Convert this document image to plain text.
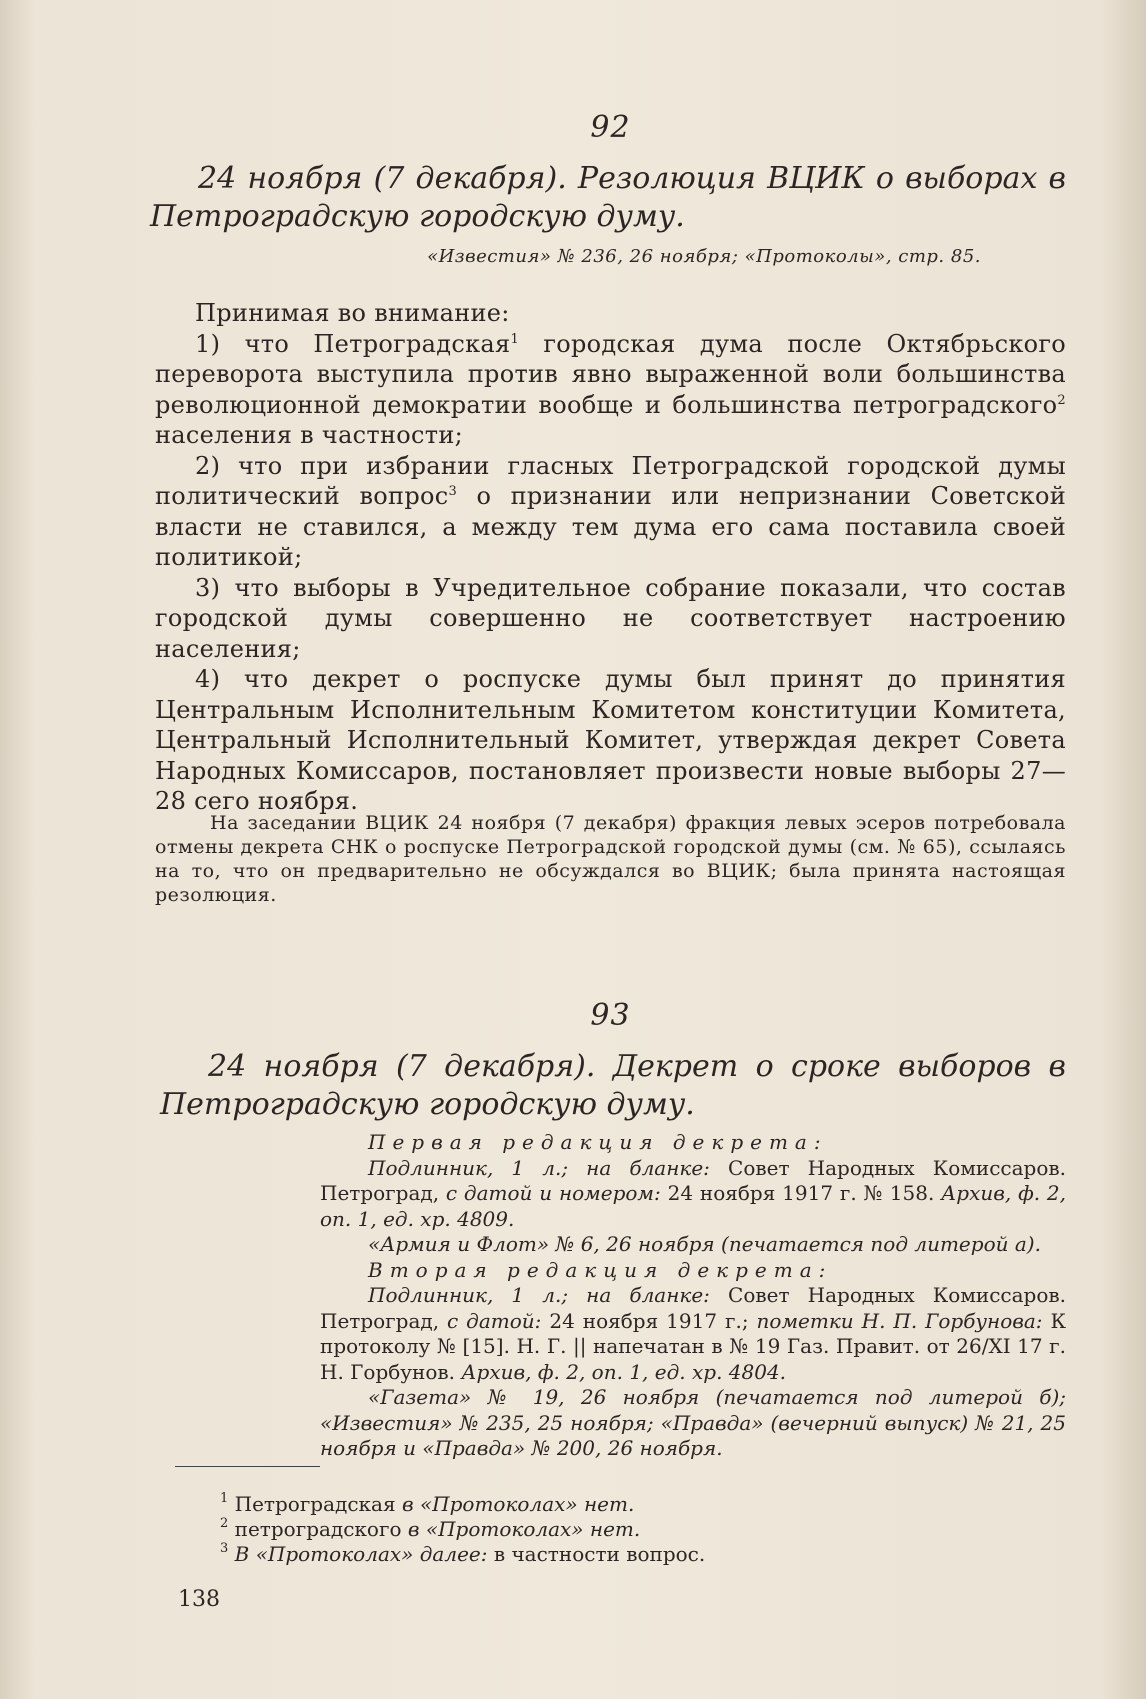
92
24 ноября (7 декабря). Резолюция ВЦИК о выборах в Петроградскую городскую думу.
«Известия» № 236, 26 ноября; «Протоколы», стр. 85.

Принимая во внимание:

1) что Петроградская$^1$ городская дума после Октябрьского переворота выступила против явно выраженной воли большинства революционной демократии вообще и большинства петроградского$^2$ населения в частности;

2) что при избрании гласных Петроградской городской думы политический вопрос$^3$ о признании или непризнании Советской власти не ставился, а между тем дума его сама поставила своей политикой;

3) что выборы в Учредительное собрание показали, что состав городской думы совершенно не соответствует настроению населения;

4) что декрет о роспуске думы был принят до принятия Центральным Исполнительным Комитетом конституции Комитета, Центральный Исполнительный Комитет, утверждая декрет Совета Народных Комиссаров, постановляет произвести новые выборы 27—28 сего ноября.

На заседании ВЦИК 24 ноября (7 декабря) фракция левых эсеров потребовала отмены декрета СНК о роспуске Петроградской городской думы (см. № 65), ссылаясь на то, что он предварительно не обсуждался во ВЦИК; была принята настоящая резолюция.

93
24 ноября (7 декабря). Декрет о сроке выборов в Петроградскую городскую думу.

Первая редакция декрета:

Подлинник, 1 л.; на бланке: Совет Народных Комиссаров. Петроград, с датой и номером: 24 ноября 1917 г. № 158. Архив, ф. 2, оп. 1, ед. хр. 4809.

«Армия и Флот» № 6, 26 ноября (печатается под литерой а).

Вторая редакция декрета:

Подлинник, 1 л.; на бланке: Совет Народных Комиссаров. Петроград, с датой: 24 ноября 1917 г.; пометки Н. П. Горбунова: К протоколу № [15]. Н. Г. || напечатан в № 19 Газ. Правит. от 26/XI 17 г. Н. Горбунов. Архив, ф. 2, оп. 1, ед. хр. 4804.

«Газета» № 19, 26 ноября (печатается под литерой б); «Известия» № 235, 25 ноября; «Правда» (вечерний выпуск) № 21, 25 ноября и «Правда» № 200, 26 ноября.

$^1$ Петроградская в «Протоколах» нет.

$^2$ петроградского в «Протоколах» нет.

$^3$ В «Протоколах» далее: в частности вопрос.

138
